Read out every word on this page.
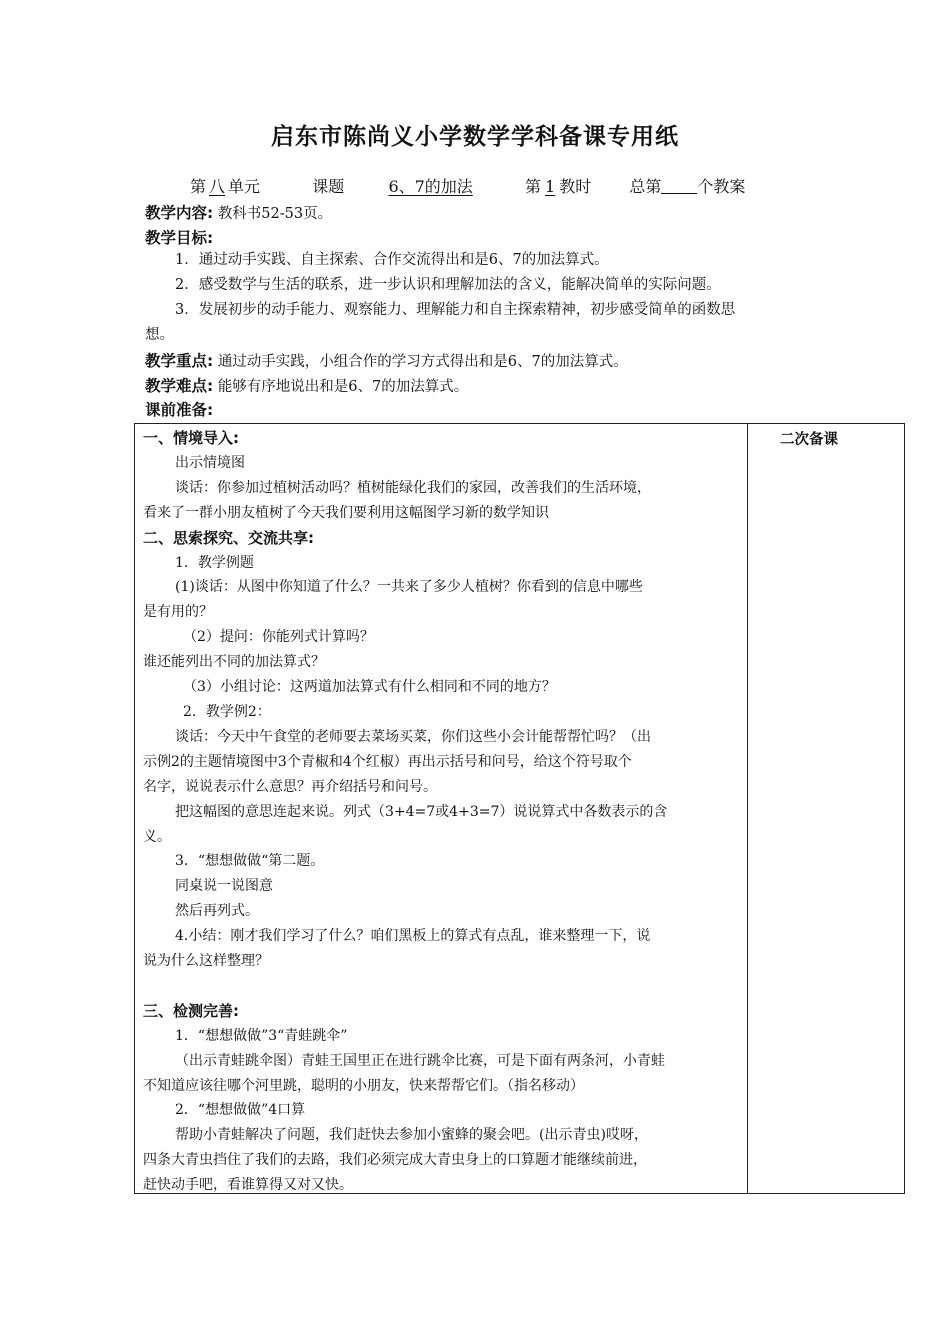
启东市陈尚义小学数学学科备课专用纸
第 八 单元	课题	6、7的加法	第 1 教时 总第 个教案
教学内容: 教科书52-53页。
教学目标:
1．通过动手实践、自主探索、合作交流得出和是6、7的加法算式。
2．感受数学与生活的联系，进一步认识和理解加法的含义，能解决简单的实际问题。
3．发展初步的动手能力、观察能力、理解能力和自主探索精神，初步感受简单的函数思
想。
教学重点: 通过动手实践，小组合作的学习方式得出和是6、7的加法算式。
教学难点: 能够有序地说出和是6、7的加法算式。
课前准备:
二次备课

一、情境导入:

出示情境图

谈话：你参加过植树活动吗？植树能绿化我们的家园，改善我们的生活环境，

看来了一群小朋友植树了今天我们要利用这幅图学习新的数学知识

二、思索探究、交流共享:

1．教学例题

(1)谈话：从图中你知道了什么？一共来了多少人植树？你看到的信息中哪些

是有用的？

（2）提问：你能列式计算吗？

谁还能列出不同的加法算式？

（3）小组讨论：这两道加法算式有什么相同和不同的地方？

2．教学例2：

谈话：今天中午食堂的老师要去菜场买菜，你们这些小会计能帮帮忙吗？（出

示例2的主题情境图中3个青椒和4个红椒）再出示括号和问号，给这个符号取个

名字，说说表示什么意思？再介绍括号和问号。

把这幅图的意思连起来说。列式（3+4=7或4+3=7）说说算式中各数表示的含

义。

3．“想想做做“第二题。

同桌说一说图意

然后再列式。

4.小结：刚才我们学习了什么？咱们黑板上的算式有点乱，谁来整理一下，说

说为什么这样整理？

三、检测完善:

1．“想想做做”3“青蛙跳伞”

（出示青蛙跳伞图）青蛙王国里正在进行跳伞比赛，可是下面有两条河，小青蛙

不知道应该往哪个河里跳，聪明的小朋友，快来帮帮它们。（指名移动）

2．“想想做做”4口算

帮助小青蛙解决了问题，我们赶快去参加小蜜蜂的聚会吧。(出示青虫)哎呀，

四条大青虫挡住了我们的去路，我们必须完成大青虫身上的口算题才能继续前进，

赶快动手吧，看谁算得又对又快。
